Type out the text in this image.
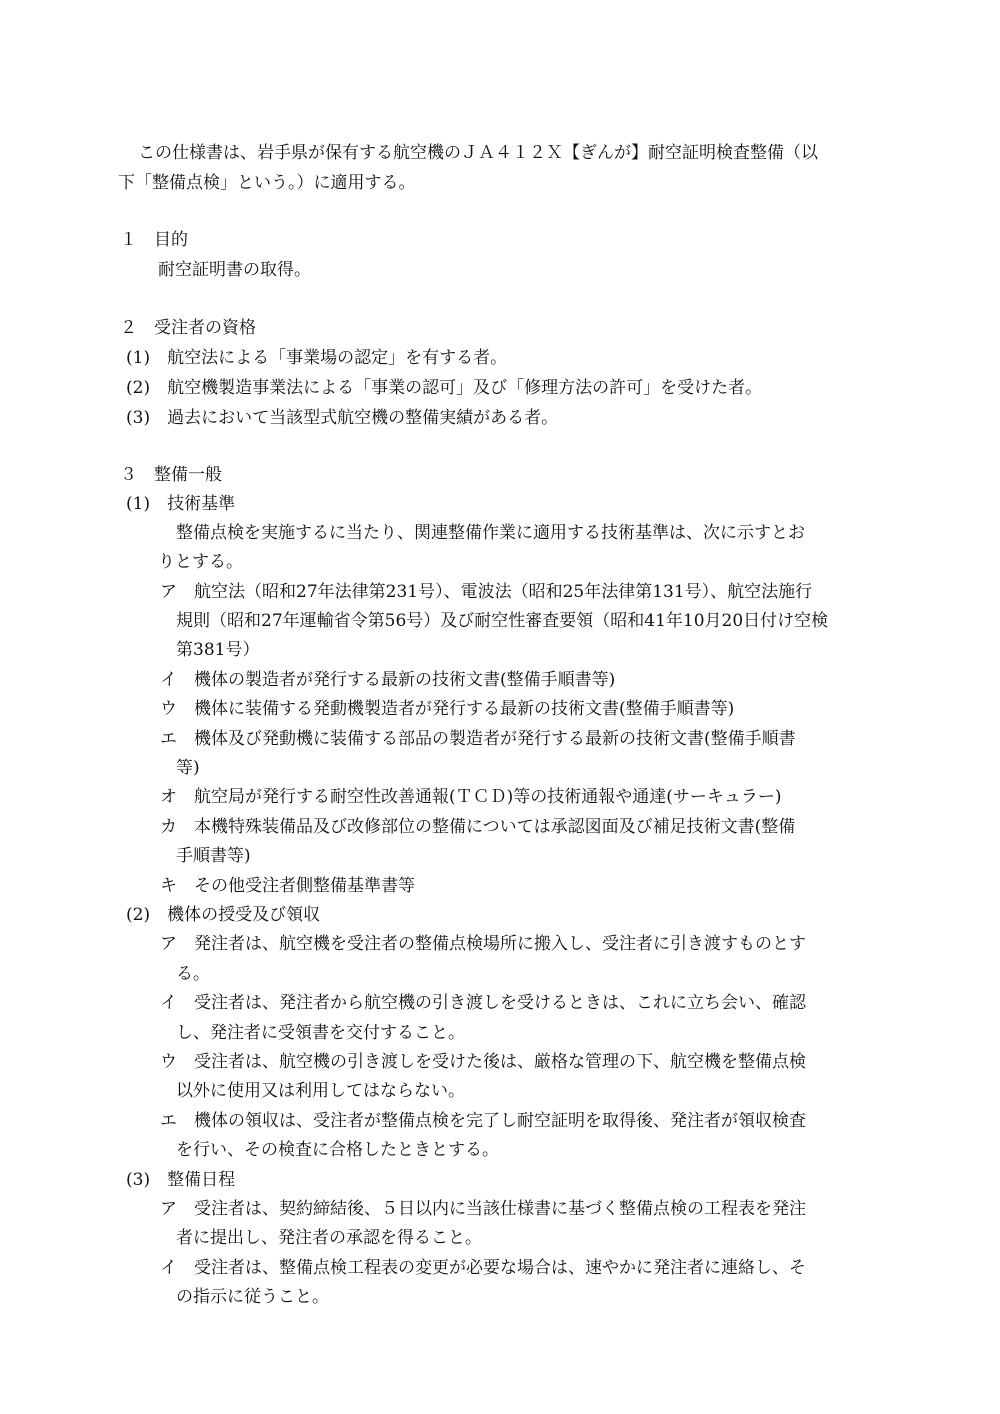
この仕様書は、岩手県が保有する航空機のＪＡ４１２Ｘ【ぎんが】耐空証明検査整備（以
下「整備点検」という。）に適用する。
１　目的
耐空証明書の取得。
２　受注者の資格
(1)　航空法による「事業場の認定」を有する者。
(2)　航空機製造事業法による「事業の認可」及び「修理方法の許可」を受けた者。
(3)　過去において当該型式航空機の整備実績がある者。
３　整備一般
(1)　技術基準
整備点検を実施するに当たり、関連整備作業に適用する技術基準は、次に示すとお
りとする。
ア　航空法（昭和27年法律第231号）、電波法（昭和25年法律第131号）、航空法施行
規則（昭和27年運輸省令第56号）及び耐空性審査要領（昭和41年10月20日付け空検
第381号）
イ　機体の製造者が発行する最新の技術文書(整備手順書等)
ウ　機体に装備する発動機製造者が発行する最新の技術文書(整備手順書等)
エ　機体及び発動機に装備する部品の製造者が発行する最新の技術文書(整備手順書
等)
オ　航空局が発行する耐空性改善通報(ＴＣＤ)等の技術通報や通達(サーキュラー)
カ　本機特殊装備品及び改修部位の整備については承認図面及び補足技術文書(整備
手順書等)
キ　その他受注者側整備基準書等
(2)　機体の授受及び領収
ア　発注者は、航空機を受注者の整備点検場所に搬入し、受注者に引き渡すものとす
る。
イ　受注者は、発注者から航空機の引き渡しを受けるときは、これに立ち会い、確認
し、発注者に受領書を交付すること。
ウ　受注者は、航空機の引き渡しを受けた後は、厳格な管理の下、航空機を整備点検
以外に使用又は利用してはならない。
エ　機体の領収は、受注者が整備点検を完了し耐空証明を取得後、発注者が領収検査
を行い、その検査に合格したときとする。
(3)　整備日程
ア　受注者は、契約締結後、５日以内に当該仕様書に基づく整備点検の工程表を発注
者に提出し、発注者の承認を得ること。
イ　受注者は、整備点検工程表の変更が必要な場合は、速やかに発注者に連絡し、そ
の指示に従うこと。
